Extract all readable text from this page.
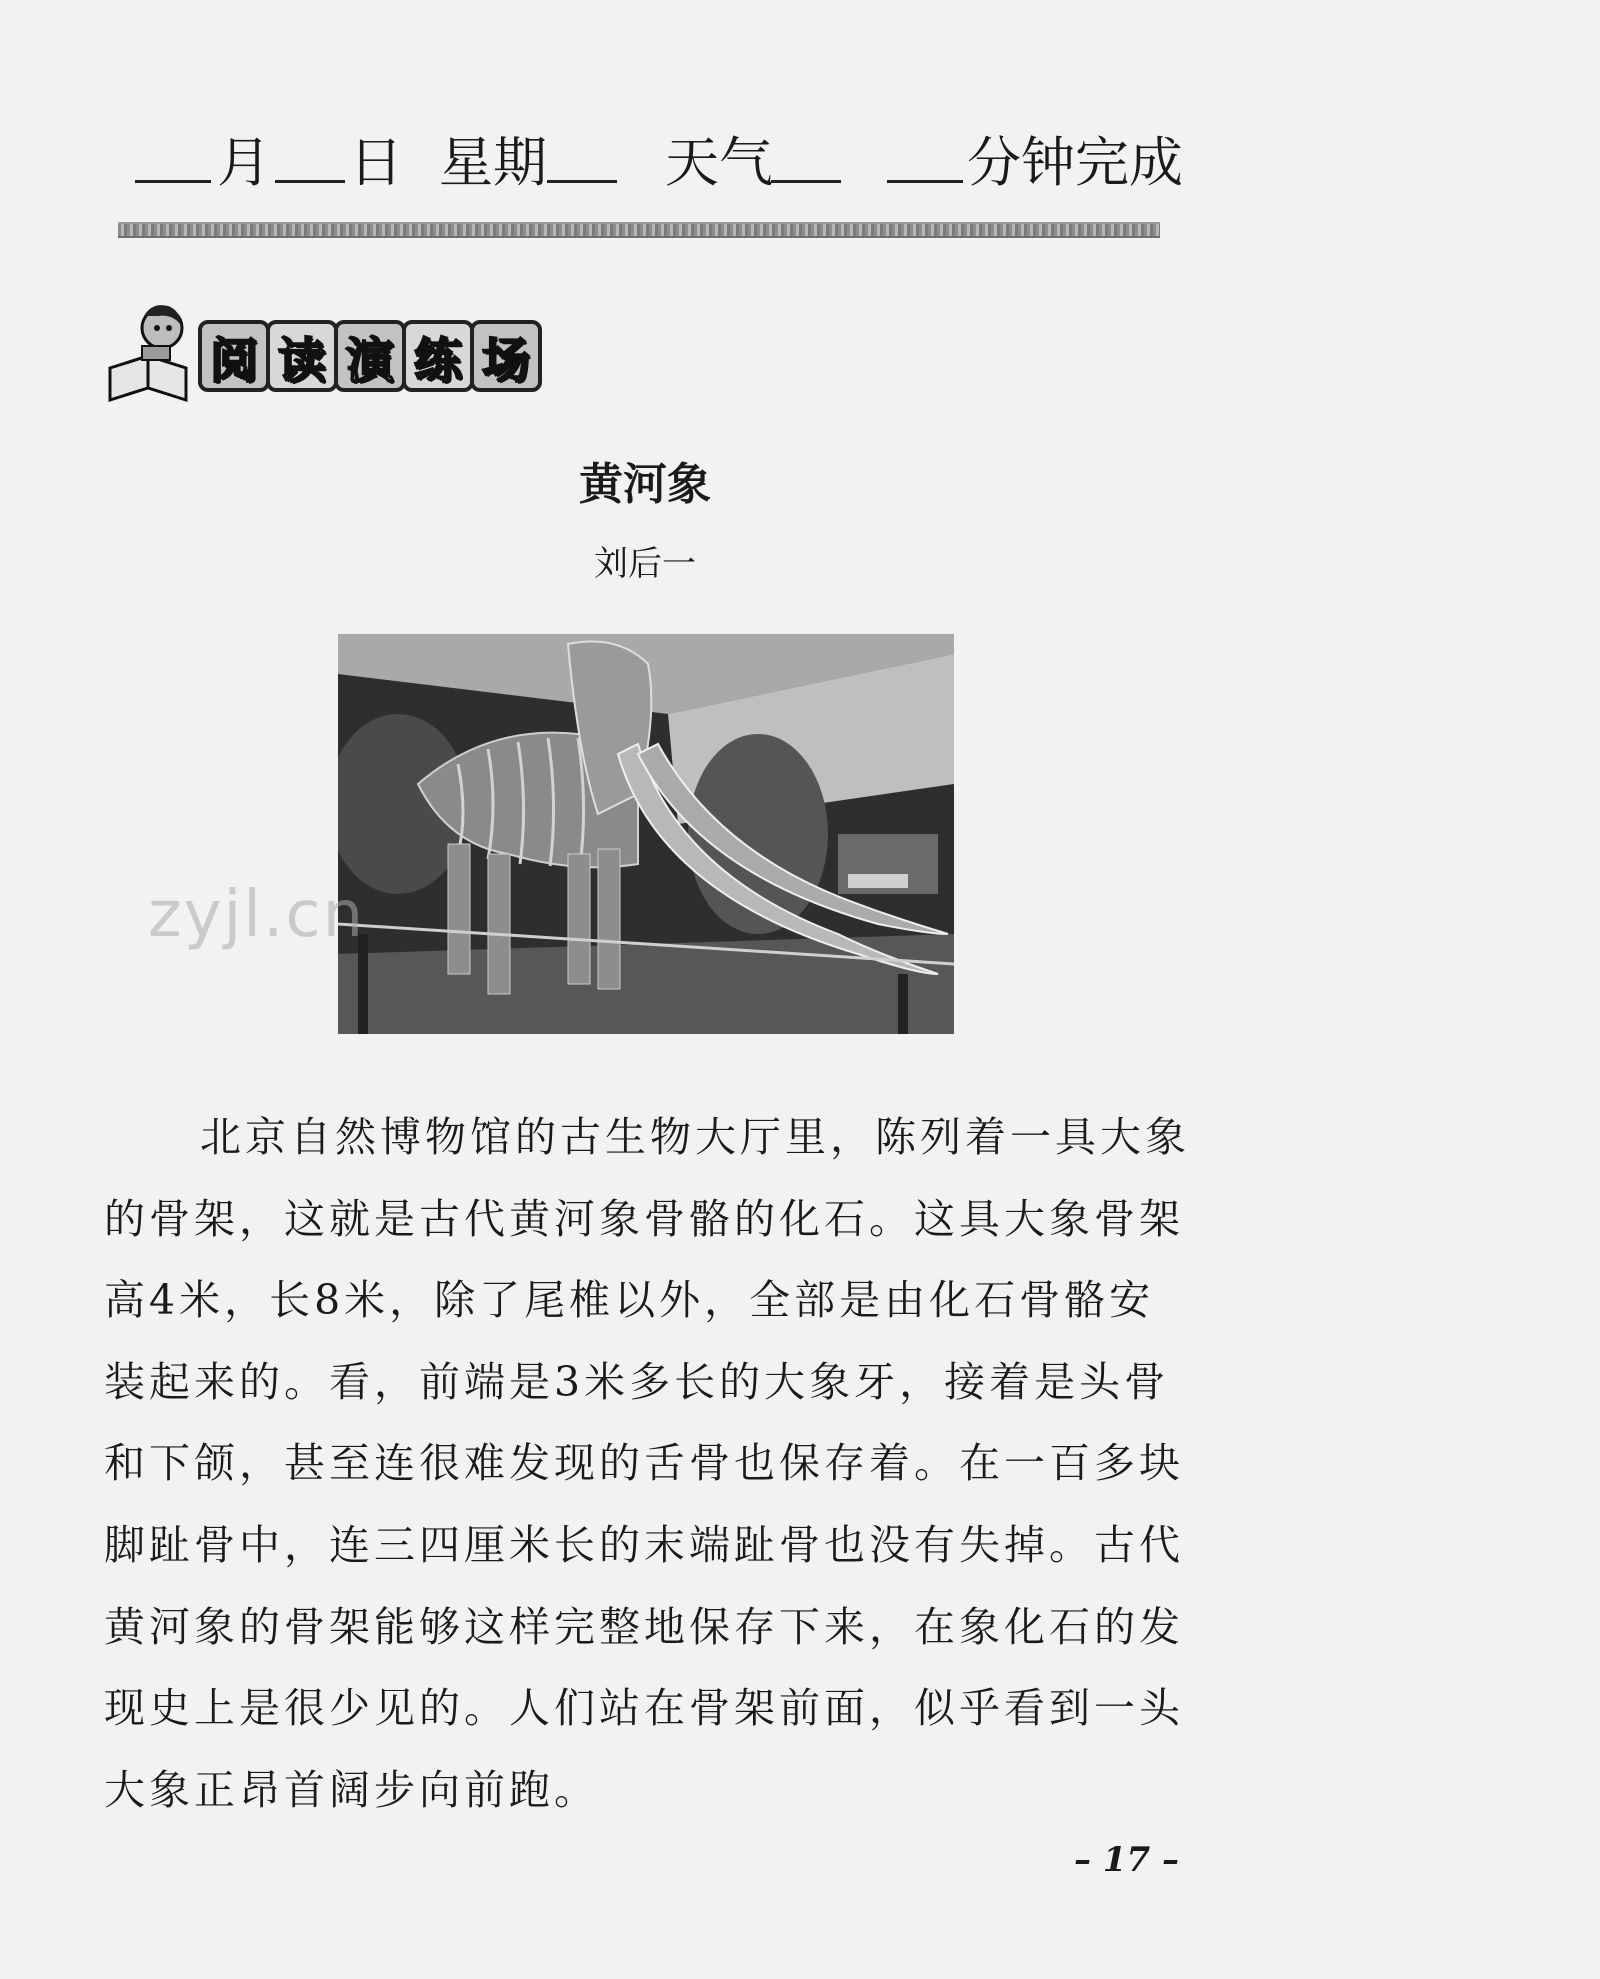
月 日 星期 天气	分钟完成
阅 读 演 练 场
黄河象
刘后一
zyjl.cn

北京自然博物馆的古生物大厅里，陈列着一具大象的骨架，这就是古代黄河象骨骼的化石。这具大象骨架高4米，长8米，除了尾椎以外，全部是由化石骨骼安装起来的。看，前端是3米多长的大象牙，接着是头骨和下颌，甚至连很难发现的舌骨也保存着。在一百多块脚趾骨中，连三四厘米长的末端趾骨也没有失掉。古代黄河象的骨架能够这样完整地保存下来，在象化石的发现史上是很少见的。人们站在骨架前面，似乎看到一头大象正昂首阔步向前跑。

– 17 –
